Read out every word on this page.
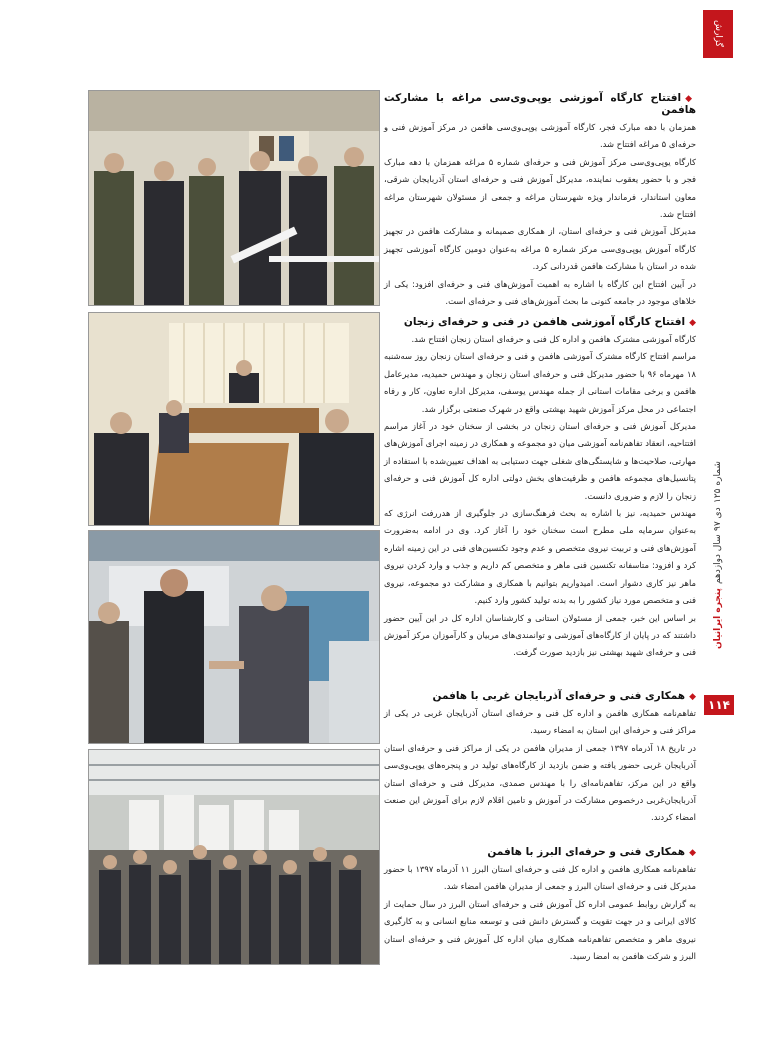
گزارش
پنجره ایرانیان
سال دوازدهم
دی ۹۷
شماره ۱۲۵
۱۱۴
◆افتتاح کارگاه آموزشی یوپی‌وی‌سی مراغه با مشارکت هافمن

همزمان با دهه مبارک فجر، کارگاه آموزشی یوپی‌وی‌سی هافمن در مرکز آموزش فنی و حرفه‌ای ۵ مراغه افتتاح شد.

کارگاه یوپی‌وی‌سی مرکز آموزش فنی و حرفه‌ای شماره ۵ مراغه همزمان با دهه مبارک فجر و با حضور یعقوب نماینده، مدیرکل آموزش فنی و حرفه‌ای استان آذربایجان شرقی، معاون استاندار، فرماندار ویژه شهرستان مراغه و جمعی از مسئولان شهرستان مراغه افتتاح شد.

مدیرکل آموزش فنی و حرفه‌ای استان، از همکاری صمیمانه و مشارکت هافمن در تجهیز کارگاه آموزش یوپی‌وی‌سی مرکز شماره ۵ مراغه به‌عنوان دومین کارگاه آموزشی تجهیز شده در استان با مشارکت هافمن قدردانی کرد.

در آیین افتتاح این کارگاه با اشاره به اهمیت آموزش‌های فنی و حرفه‌ای افزود: یکی از خلاهای موجود در جامعه کنونی ما بحث آموزش‌های فنی و حرفه‌ای است.

◆افتتاح کارگاه آموزشی هافمن در فنی و حرفه‌ای زنجان

کارگاه آموزشی مشترک هافمن و اداره کل فنی و حرفه‌ای استان زنجان افتتاح شد.

مراسم افتتاح کارگاه مشترک آموزشی هافمن و فنی و حرفه‌ای استان زنجان روز سه‌شنبه ۱۸ مهرماه ۹۶ با حضور مدیرکل فنی و حرفه‌ای استان زنجان و مهندس حمیدیه، مدیرعامل هافمن و برخی مقامات استانی از جمله مهندس یوسفی، مدیرکل اداره تعاون، کار و رفاه اجتماعی در محل مرکز آموزش شهید بهشتی واقع در شهرک صنعتی برگزار شد.

مدیرکل آموزش فنی و حرفه‌ای استان زنجان در بخشی از سخنان خود در آغاز مراسم افتتاحیه، انعقاد تفاهم‌نامه آموزشی میان دو مجموعه و همکاری در زمینه اجرای آموزش‌های مهارتی، صلاحیت‌ها و شایستگی‌های شغلی جهت دستیابی به اهداف تعیین‌شده با استفاده از پتانسیل‌های مجموعه هافمن و ظرفیت‌های بخش دولتی اداره کل آموزش فنی و حرفه‌ای زنجان را لازم و ضروری دانست.

مهندس حمیدیه، نیز با اشاره به بحث فرهنگ‌سازی در جلوگیری از هدررفت انرژی که به‌عنوان سرمایه ملی مطرح است سخنان خود را آغاز کرد. وی در ادامه به‌ضرورت آموزش‌های فنی و تربیت نیروی متخصص و عدم وجود تکنسین‌های فنی در این زمینه اشاره کرد و افزود: متاسفانه تکنسین فنی ماهر و متخصص کم داریم و جذب و وارد کردن نیروی ماهر نیز کاری دشوار است. امیدواریم بتوانیم با همکاری و مشارکت دو مجموعه، نیروی فنی و متخصص مورد نیاز کشور را به بدنه تولید کشور وارد کنیم.

بر اساس این خبر، جمعی از مسئولان استانی و کارشناسان اداره کل در این آیین حضور داشتند که در پایان از کارگاه‌های آموزشی و توانمندی‌های مربیان و کارآموزان مرکز آموزش فنی و حرفه‌ای شهید بهشتی نیز بازدید صورت گرفت.

◆همکاری فنی و حرفه‌ای آذربایجان غربی با هافمن

تفاهم‌نامه همکاری هافمن و اداره کل فنی و حرفه‌ای استان آذربایجان غربی در یکی از مراکز فنی و حرفه‌ای این استان به امضاء رسید.

در تاریخ ۱۸ آذرماه ۱۳۹۷ جمعی از مدیران هافمن در یکی از مراکز فنی و حرفه‌ای استان آذربایجان غربی حضور یافته و ضمن بازدید از کارگاه‌های تولید در و پنجره‌های یوپی‌وی‌سی واقع در این مرکز، تفاهم‌نامه‌ای را با مهندس صمدی، مدیرکل فنی و حرفه‌ای استان آذربایجان‌غربی درخصوص مشارکت در آموزش و تامین اقلام لازم برای آموزش این صنعت امضاء کردند.

◆همکاری فنی و حرفه‌ای البرز با هافمن

تفاهم‌نامه همکاری هافمن و اداره کل فنی و حرفه‌ای استان البرز ۱۱ آذرماه ۱۳۹۷ با حضور مدیرکل فنی و حرفه‌ای استان البرز و جمعی از مدیران هافمن امضاء شد.

به گزارش روابط عمومی اداره کل آموزش فنی و حرفه‌ای استان البرز در سال حمایت از کالای ایرانی و در جهت تقویت و گسترش دانش فنی و توسعه منابع انسانی و به کارگیری نیروی ماهر و متخصص تفاهم‌نامه همکاری میان اداره کل آموزش فنی و حرفه‌ای استان البرز و شرکت هافمن به امضا رسید.
